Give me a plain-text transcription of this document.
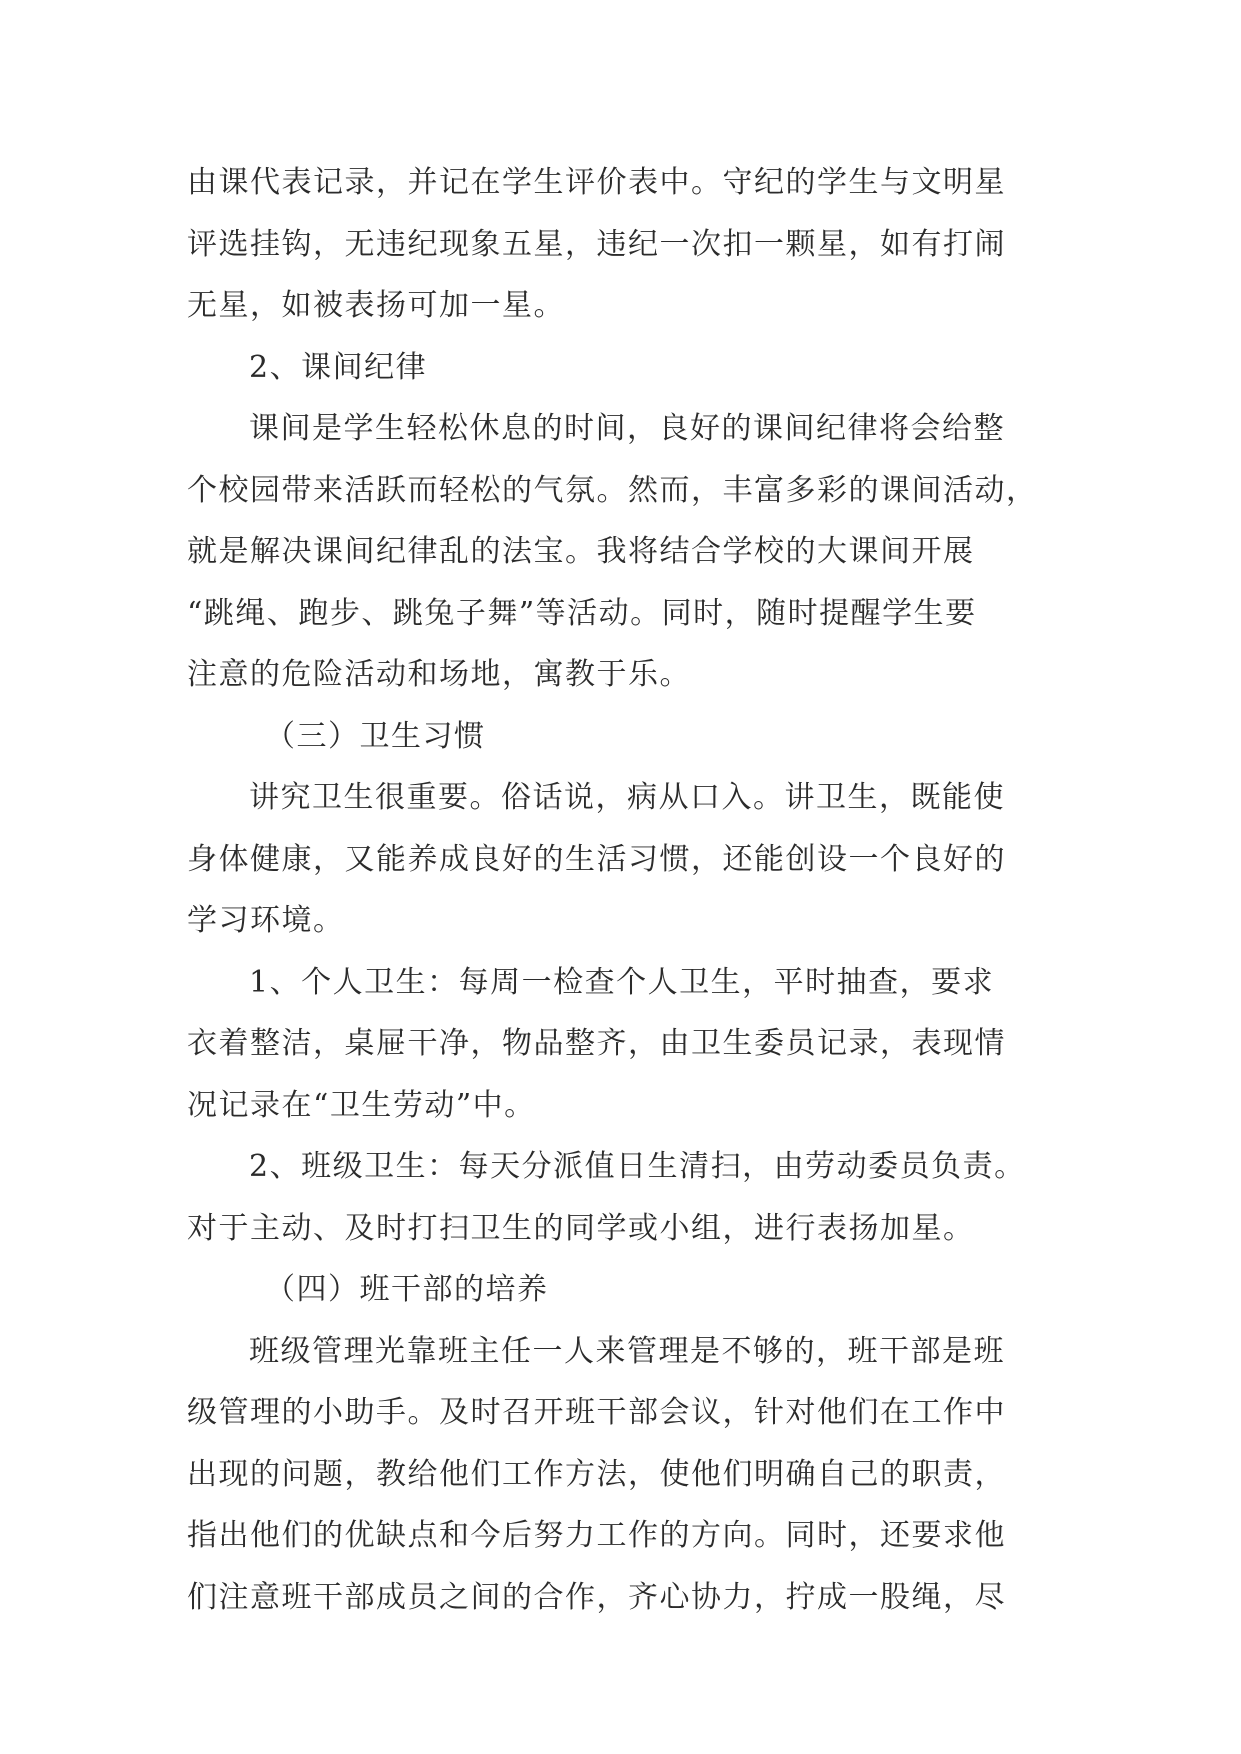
由课代表记录，并记在学生评价表中。守纪的学生与文明星
评选挂钩，无违纪现象五星，违纪一次扣一颗星，如有打闹
无星，如被表扬可加一星。
2、课间纪律
课间是学生轻松休息的时间，良好的课间纪律将会给整
个校园带来活跃而轻松的气氛。然而，丰富多彩的课间活动，
就是解决课间纪律乱的法宝。我将结合学校的大课间开展
“跳绳、跑步、跳兔子舞”等活动。同时，随时提醒学生要
注意的危险活动和场地，寓教于乐。
（三）卫生习惯
讲究卫生很重要。俗话说，病从口入。讲卫生，既能使
身体健康，又能养成良好的生活习惯，还能创设一个良好的
学习环境。
1、个人卫生：每周一检查个人卫生，平时抽查，要求
衣着整洁，桌屉干净，物品整齐，由卫生委员记录，表现情
况记录在“卫生劳动”中。
2、班级卫生：每天分派值日生清扫，由劳动委员负责。
对于主动、及时打扫卫生的同学或小组，进行表扬加星。
（四）班干部的培养
班级管理光靠班主任一人来管理是不够的，班干部是班
级管理的小助手。及时召开班干部会议，针对他们在工作中
出现的问题，教给他们工作方法，使他们明确自己的职责，
指出他们的优缺点和今后努力工作的方向。同时，还要求他
们注意班干部成员之间的合作，齐心协力，拧成一股绳，尽
